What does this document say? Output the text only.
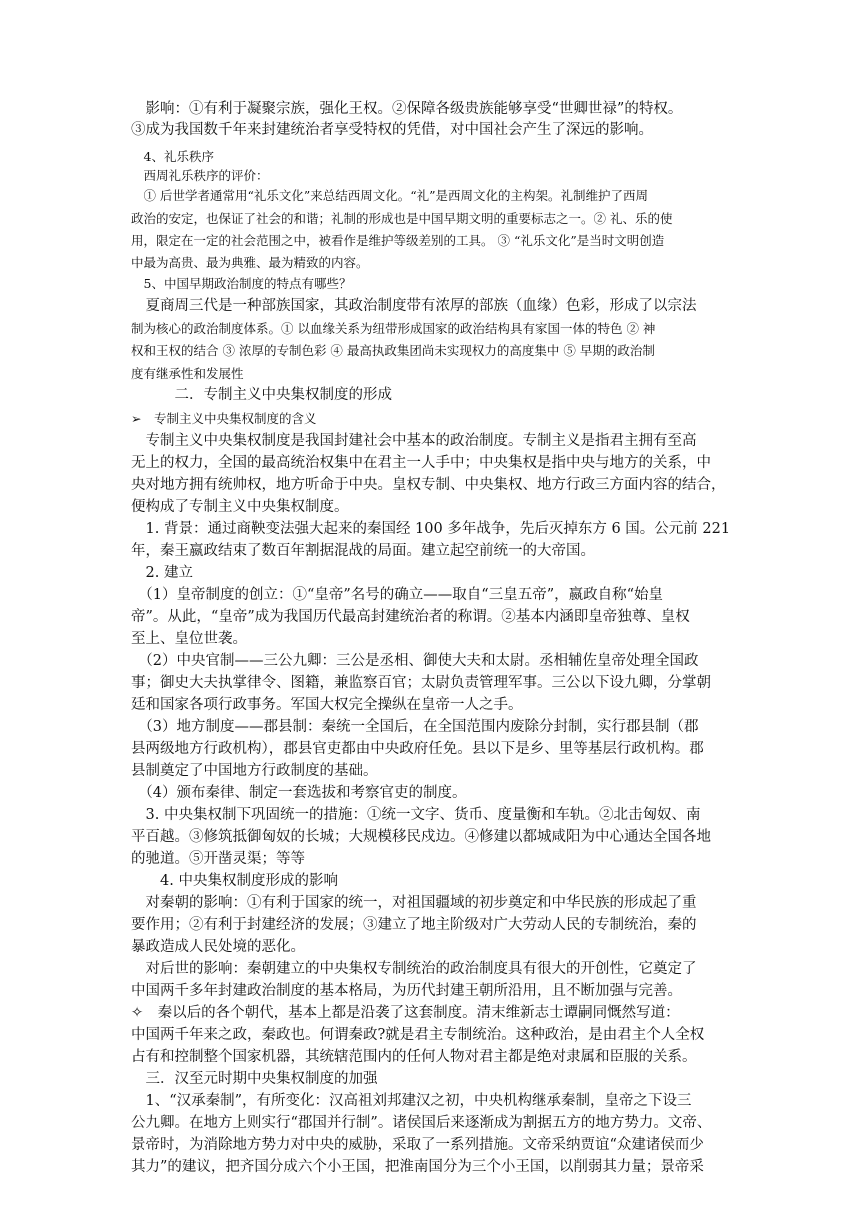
　影响：①有利于凝聚宗族，强化王权。②保障各级贵族能够享受“世卿世禄”的特权。
③成为我国数千年来封建统治者享受特权的凭借，对中国社会产生了深远的影响。
　4、礼乐秩序
　西周礼乐秩序的评价：
　① 后世学者通常用“礼乐文化”来总结西周文化。“礼”是西周文化的主构架。礼制维护了西周
政治的安定，也保证了社会的和谐；礼制的形成也是中国早期文明的重要标志之一。② 礼、乐的使
用，限定在一定的社会范围之中，被看作是维护等级差别的工具。 ③ “礼乐文化”是当时文明创造
中最为高贵、最为典雅、最为精致的内容。
　5、中国早期政治制度的特点有哪些？
　夏商周三代是一种部族国家，其政治制度带有浓厚的部族（血缘）色彩，形成了以宗法
制为核心的政治制度体系。① 以血缘关系为纽带形成国家的政治结构具有家国一体的特色 ② 神
权和王权的结合 ③ 浓厚的专制色彩 ④ 最高执政集团尚未实现权力的高度集中 ⑤ 早期的政治制
度有继承性和发展性
　　　二．专制主义中央集权制度的形成
➢　专制主义中央集权制度的含义
　专制主义中央集权制度是我国封建社会中基本的政治制度。专制主义是指君主拥有至高
无上的权力，全国的最高统治权集中在君主一人手中；中央集权是指中央与地方的关系，中
央对地方拥有统帅权，地方听命于中央。皇权专制、中央集权、地方行政三方面内容的结合，
便构成了专制主义中央集权制度。
　1. 背景：通过商鞅变法强大起来的秦国经 100 多年战争，先后灭掉东方 6 国。公元前 221
年，秦王嬴政结束了数百年割据混战的局面。建立起空前统一的大帝国。
　2. 建立
　（1）皇帝制度的创立：①“皇帝”名号的确立——取自“三皇五帝”，嬴政自称“始皇
帝”。从此，“皇帝”成为我国历代最高封建统治者的称谓。②基本内涵即皇帝独尊、皇权
至上、皇位世袭。
　（2）中央官制——三公九卿：三公是丞相、御使大夫和太尉。丞相辅佐皇帝处理全国政
事；御史大夫执掌律令、图籍，兼监察百官；太尉负责管理军事。三公以下设九卿，分掌朝
廷和国家各项行政事务。军国大权完全操纵在皇帝一人之手。
　（3）地方制度——郡县制：秦统一全国后，在全国范围内废除分封制，实行郡县制（郡
县两级地方行政机构），郡县官吏都由中央政府任免。县以下是乡、里等基层行政机构。郡
县制奠定了中国地方行政制度的基础。
　（4）颁布秦律、制定一套选拔和考察官吏的制度。
　3. 中央集权制下巩固统一的措施：①统一文字、货币、度量衡和车轨。②北击匈奴、南
平百越。③修筑抵御匈奴的长城；大规模移民戍边。④修建以都城咸阳为中心通达全国各地
的驰道。⑤开凿灵渠；等等
　　4. 中央集权制度形成的影响
　对秦朝的影响：①有利于国家的统一，对祖国疆域的初步奠定和中华民族的形成起了重
要作用；②有利于封建经济的发展；③建立了地主阶级对广大劳动人民的专制统治，秦的
暴政造成人民处境的恶化。
　对后世的影响：秦朝建立的中央集权专制统治的政治制度具有很大的开创性，它奠定了
中国两千多年封建政治制度的基本格局，为历代封建王朝所沿用，且不断加强与完善。
✧　秦以后的各个朝代，基本上都是沿袭了这套制度。清末维新志士谭嗣同慨然写道：
中国两千年来之政，秦政也。何谓秦政?就是君主专制统治。这种政治，是由君主个人全权
占有和控制整个国家机器，其统辖范围内的任何人物对君主都是绝对隶属和臣服的关系。
　三．汉至元时期中央集权制度的加强
　1、“汉承秦制”，有所变化：汉高祖刘邦建汉之初，中央机构继承秦制，皇帝之下设三
公九卿。在地方上则实行“郡国并行制”。诸侯国后来逐渐成为割据五方的地方势力。文帝、
景帝时，为消除地方势力对中央的威胁，采取了一系列措施。文帝采纳贾谊“众建诸侯而少
其力”的建议，把齐国分成六个小王国，把淮南国分为三个小王国，以削弱其力量；景帝采
